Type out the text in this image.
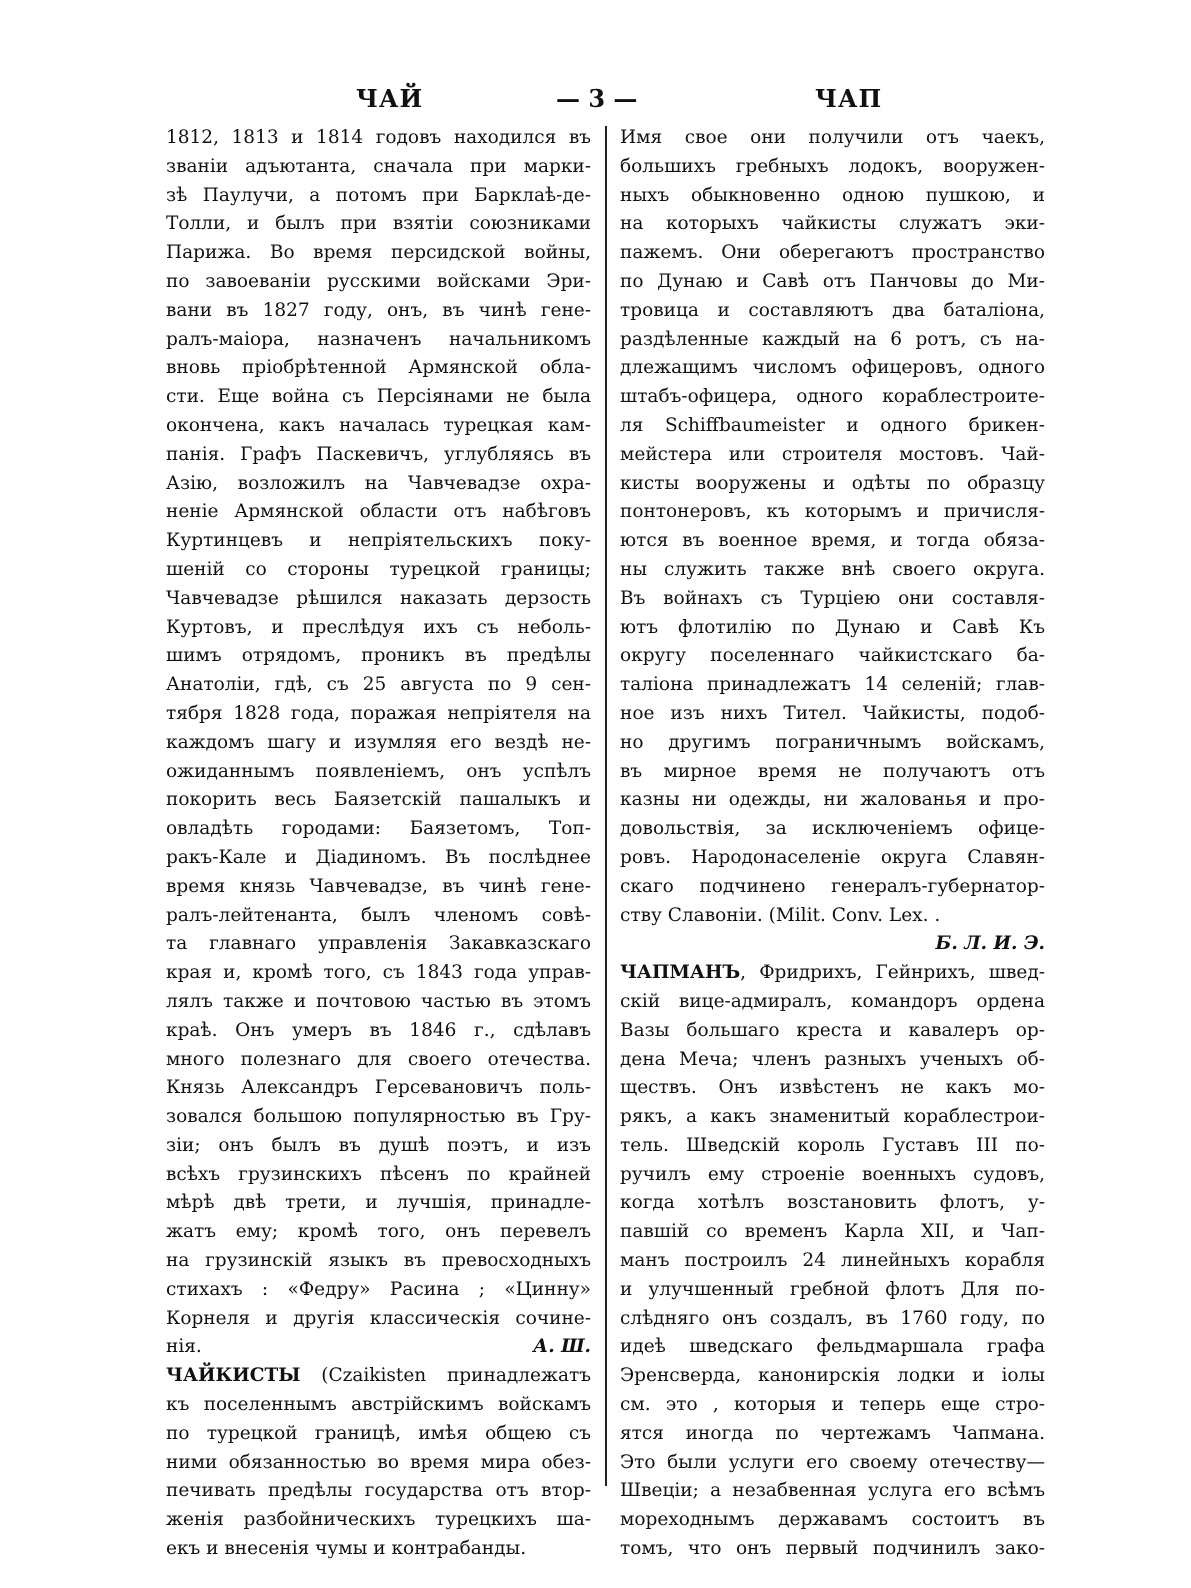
ЧАЙ	— 3 —	ЧАП
1812, 1813 и 1814 годовъ находился въ
званіи адъютанта, сначала при марки-
зѣ Паулучи, а потомъ при Барклаѣ-де-
Толли, и былъ при взятіи союзниками
Парижа. Во время персидской войны,
по завоеваніи русскими войсками Эри-
вани въ 1827 году, онъ, въ чинѣ гене-
ралъ-маіора, назначенъ начальникомъ
вновь пріобрѣтенной Армянской обла-
сти. Еще война съ Персіянами не была
окончена, какъ началась турецкая кам-
панія. Графъ Паскевичъ, углубляясь въ
Азію, возложилъ на Чавчевадзе охра-
неніе Армянской области отъ набѣговъ
Куртинцевъ и непріятельскихъ поку-
шеній со стороны турецкой границы;
Чавчевадзе рѣшился наказать дерзость
Куртовъ, и преслѣдуя ихъ съ неболь-
шимъ отрядомъ, проникъ въ предѣлы
Анатоліи, гдѣ, съ 25 августа по 9 сен-
тября 1828 года, поражая непріятеля на
каждомъ шагу и изумляя его вездѣ не-
ожиданнымъ появленіемъ, онъ успѣлъ
покорить весь Баязетскій пашалыкъ и
овладѣть городами: Баязетомъ, Топ-
ракъ-Кале и Діадиномъ. Въ послѣднее
время князь Чавчевадзе, въ чинѣ гене-
ралъ-лейтенанта, былъ членомъ совѣ-
та главнаго управленія Закавказскаго
края и, кромѣ того, съ 1843 года управ-
лялъ также и почтовою частью въ этомъ
краѣ. Онъ умеръ въ 1846 г., сдѣлавъ
много полезнаго для своего отечества.
Князь Александръ Герсевановичъ поль-
зовался большою популярностью въ Гру-
зіи; онъ былъ въ душѣ поэтъ, и изъ
всѣхъ грузинскихъ пѣсенъ по крайней
мѣрѣ двѣ трети, и лучшія, принадле-
жатъ ему; кромѣ того, онъ перевелъ
на грузинскій языкъ въ превосходныхъ
стихахъ : «Федру» Расина ; «Цинну»
Корнеля и другія классическія сочине-
нія.	А. Ш.
ЧАЙКИСТЫ (Czaikisten принадлежатъ
къ поселеннымъ австрійскимъ войскамъ
по турецкой границѣ, имѣя общею съ
ними обязанностью во время мира обез-
печивать предѣлы государства отъ втор-
женія разбойническихъ турецкихъ ша-
екъ и внесенія чумы и контрабанды.
Имя свое они получили отъ чаекъ,
большихъ гребныхъ лодокъ, вооружен-
ныхъ обыкновенно одною пушкою, и
на которыхъ чайкисты служатъ эки-
пажемъ. Они оберегаютъ пространство
по Дунаю и Савѣ отъ Панчовы до Ми-
тровица и составляютъ два баталіона,
раздѣленные каждый на 6 ротъ, съ на-
длежащимъ числомъ офицеровъ, одного
штабъ-офицера, одного кораблестроите-
ля Schiffbaumeister и одного брикен-
мейстера или строителя мостовъ. Чай-
кисты вооружены и одѣты по образцу
понтонеровъ, къ которымъ и причисля-
ются въ военное время, и тогда обяза-
ны служить также внѣ своего округа.
Въ войнахъ съ Турціею они составля-
ютъ флотилію по Дунаю и Савѣ Къ
округу поселеннаго чайкистскаго ба-
таліона принадлежатъ 14 селеній; глав-
ное изъ нихъ Тител. Чайкисты, подоб-
но другимъ пограничнымъ войскамъ,
въ мирное время не получаютъ отъ
казны ни одежды, ни жалованья и про-
довольствія, за исключеніемъ офице-
ровъ. Народонаселеніе округа Славян-
скаго подчинено генералъ-губернатор-
ству Славоніи. (Milit. Conv. Lex. .
Б. Л. И. Э.
ЧАПМАНЪ, Фридрихъ, Гейнрихъ, швед-
скій вице-адмиралъ, командоръ ордена
Вазы большаго креста и кавалеръ ор-
дена Меча; членъ разныхъ ученыхъ об-
ществъ. Онъ извѣстенъ не какъ мо-
рякъ, а какъ знаменитый кораблестрои-
тель. Шведскій король Густавъ III по-
ручилъ ему строеніе военныхъ судовъ,
когда хотѣлъ возстановить флотъ, у-
павшій со временъ Карла XII, и Чап-
манъ построилъ 24 линейныхъ корабля
и улучшенный гребной флотъ Для по-
слѣдняго онъ создалъ, въ 1760 году, по
идеѣ шведскаго фельдмаршала графа
Эренсверда, канонирскія лодки и іолы
см. это , которыя и теперь еще стро-
ятся иногда по чертежамъ Чапмана.
Это были услуги его своему отечеству—
Швеціи; а незабвенная услуга его всѣмъ
мореходнымъ державамъ состоитъ въ
томъ, что онъ первый подчинилъ зако-
